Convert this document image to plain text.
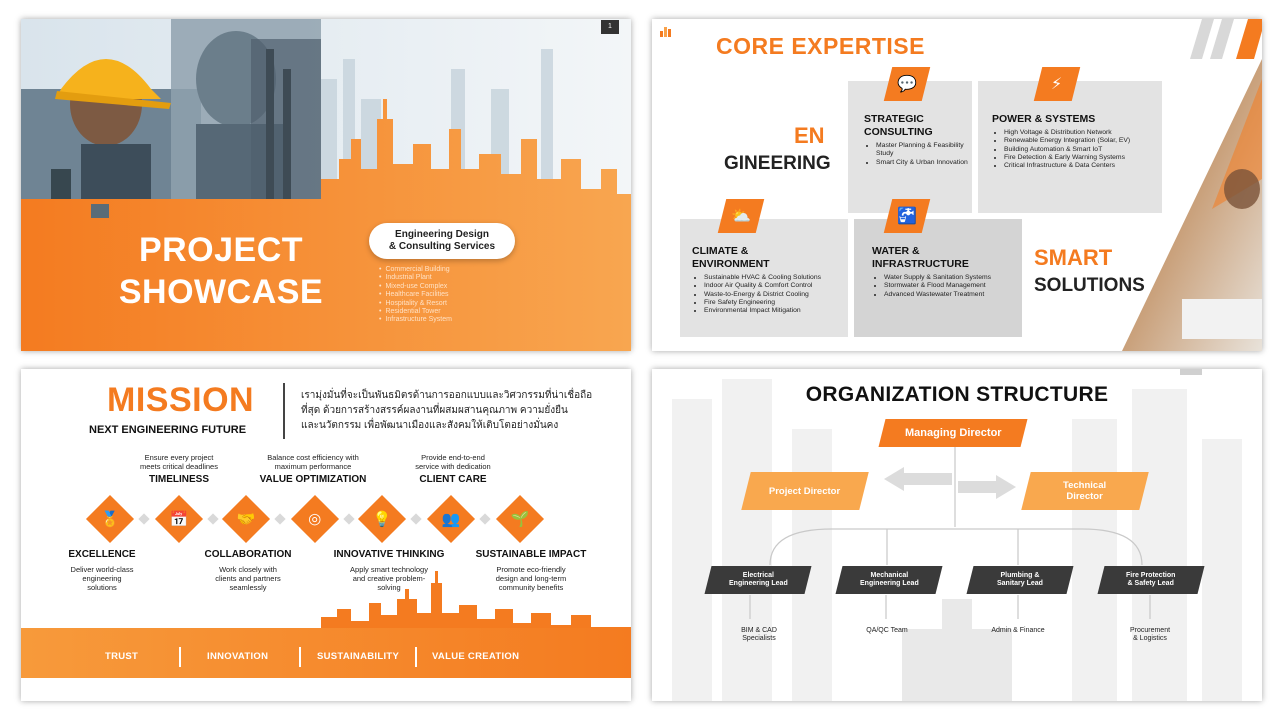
1
PROJECT
SHOWCASE
Engineering Design
& Consulting Services
• Commercial Building
• Industrial Plant
• Mixed-use Complex
• Healthcare Facilities
• Hospitality & Resort
• Residential Tower
• Infrastructure System
2
CORE EXPERTISE
EN
GINEERING
STRATEGIC
CONSULTING
• Master Planning & Feasibility Study
• Smart City & Urban Innovation
💬
POWER & SYSTEMS
• High Voltage & Distribution Network
• Renewable Energy Integration (Solar, EV)
• Building Automation & Smart IoT
• Fire Detection & Early Warning Systems
• Critical Infrastructure & Data Centers
⚡
CLIMATE &
ENVIRONMENT
• Sustainable HVAC & Cooling Solutions
• Indoor Air Quality & Comfort Control
• Waste-to-Energy & District Cooling
• Fire Safety Engineering
• Environmental Impact Mitigation
⛅
WATER &
INFRASTRUCTURE
• Water Supply & Sanitation Systems
• Stormwater & Flood Management
• Advanced Wastewater Treatment
🚰
SMART
SOLUTIONS
MISSION
NEXT ENGINEERING FUTURE
เรามุ่งมั่นที่จะเป็นพันธมิตรด้านการออกแบบและวิศวกรรมที่น่าเชื่อถือ
ที่สุด ด้วยการสร้างสรรค์ผลงานที่ผสมผสานคุณภาพ ความยั่งยืน
และนวัตกรรม เพื่อพัฒนาเมืองและสังคมให้เติบโตอย่างมั่นคง
Ensure every project
meets critical deadlines
TIMELINESS
Balance cost efficiency with
maximum performance
VALUE OPTIMIZATION
Provide end-to-end
service with dedication
CLIENT CARE
🏅	📅	🤝	◎	💡	👥	🌱
EXCELLENCE
Deliver world-class
engineering
solutions
COLLABORATION
Work closely with
clients and partners
seamlessly
INNOVATIVE THINKING
Apply smart technology
and creative problem-
solving
SUSTAINABLE IMPACT
Promote eco-friendly
design and long-term
community benefits
TRUST	INNOVATION	SUSTAINABILITY	VALUE CREATION
ORGANIZATION STRUCTURE
Managing Director
Project Director	Technical
Director
Electrical
Engineering Lead
Mechanical
Engineering Lead
Plumbing &
Sanitary Lead
Fire Protection
& Safety Lead
BIM & CAD
Specialists
QA/QC Team	Admin & Finance	Procurement
& Logistics
